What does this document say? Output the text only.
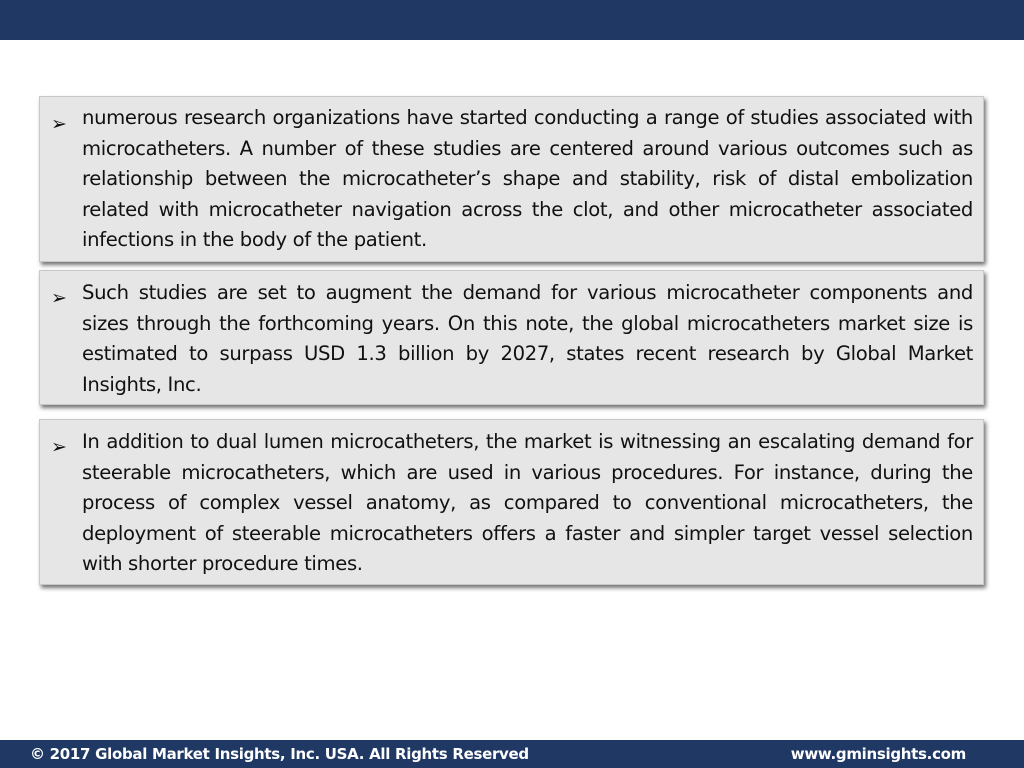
➢ numerous research organizations have started conducting a range of studies associated with microcatheters. A number of these studies are centered around various outcomes such as relationship between the microcatheter’s shape and stability, risk of distal embolization related with microcatheter navigation across the clot, and other microcatheter associated infections in the body of the patient.

➢ Such studies are set to augment the demand for various microcatheter components and sizes through the forthcoming years. On this note, the global microcatheters market size is estimated to surpass USD 1.3 billion by 2027, states recent research by Global Market Insights, Inc.

➢ In addition to dual lumen microcatheters, the market is witnessing an escalating demand for steerable microcatheters, which are used in various procedures. For instance, during the process of complex vessel anatomy, as compared to conventional microcatheters, the deployment of steerable microcatheters offers a faster and simpler target vessel selection with shorter procedure times.

© 2017 Global Market Insights, Inc. USA. All Rights Reserved	www.gminsights.com
